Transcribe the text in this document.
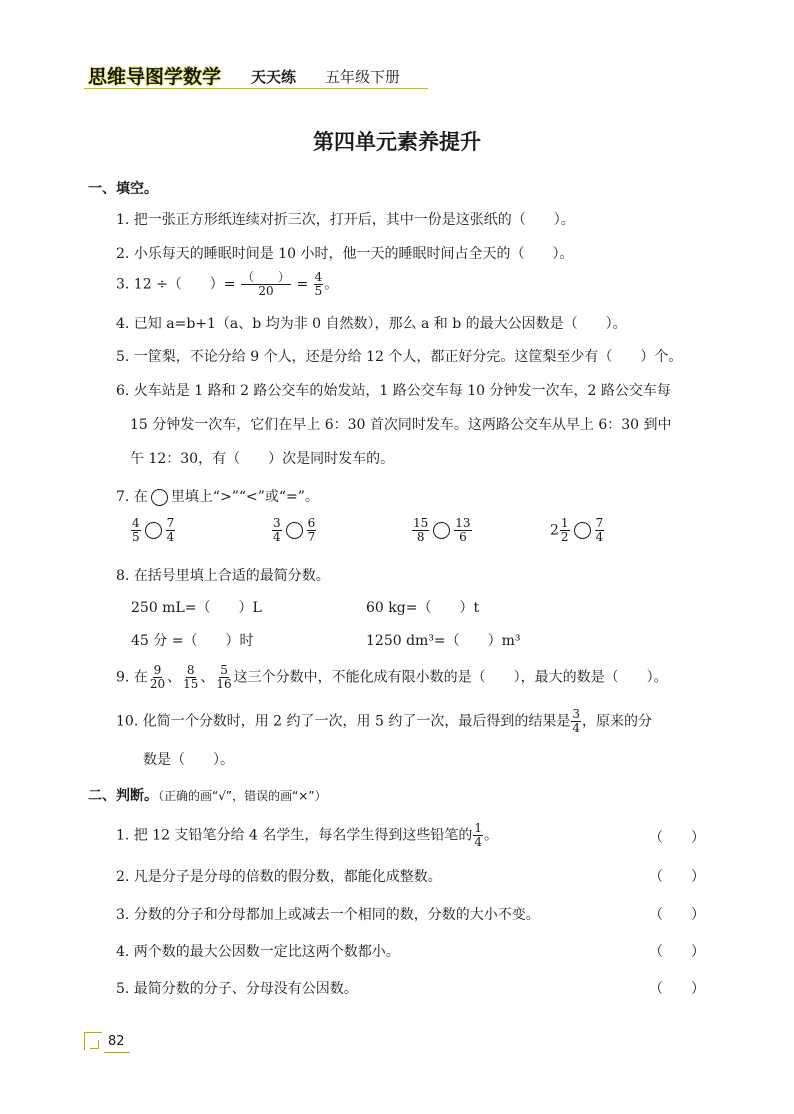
思维导图学数学 天天练 五年级下册
第四单元素养提升
一、填空。
1. 把一张正方形纸连续对折三次，打开后，其中一份是这张纸的（　　）。
2. 小乐每天的睡眠时间是 10 小时，他一天的睡眠时间占全天的（　　）。
3. 12 ÷（　　）= $\frac{( )}{20} = \frac{4}{5}$ 。
4. 已知 a=b+1（a、b 均为非 0 自然数），那么 a 和 b 的最大公因数是（　　）。
5. 一筐梨，不论分给 9 个人，还是分给 12 个人，都正好分完。这筐梨至少有（　　）个。
6. 火车站是 1 路和 2 路公交车的始发站，1 路公交车每 10 分钟发一次车，2 路公交车每
15 分钟发一次车，它们在早上 6：30 首次同时发车。这两路公交车从早上 6：30 到中
午 12：30，有（　　）次是同时发车的。
7. 在 里填上“>”“<”或“=”。
$\frac{4}{5} \frac{7}{4}$	$\frac{3}{4} \frac{6}{7}$	$\frac{15}{8} \frac{13}{6}$	$2 \frac{1}{2} \frac{7}{4}$
8. 在括号里填上合适的最简分数。
250 mL=（　　）L	60 kg=（　　）t
45 分 =（　　）时	1250 dm³=（　　）m³
9. 在 $\frac{9}{20}$ 、 $\frac{8}{15}$ 、 $\frac{5}{16}$ 这三个分数中，不能化成有限小数的是（　　），最大的数是（　　）。
10. 化简一个分数时，用 2 约了一次，用 5 约了一次，最后得到的结果是 $\frac{3}{4}$ ，原来的分
数是（　　）。
二、判断。（正确的画“√”，错误的画“×”）
1. 把 12 支铅笔分给 4 名学生，每名学生得到这些铅笔的 $\frac{1}{4}$ 。	（　　）
2. 凡是分子是分母的倍数的假分数，都能化成整数。	（　　）
3. 分数的分子和分母都加上或减去一个相同的数，分数的大小不变。	（　　）
4. 两个数的最大公因数一定比这两个数都小。	（　　）
5. 最简分数的分子、分母没有公因数。	（　　）
82
